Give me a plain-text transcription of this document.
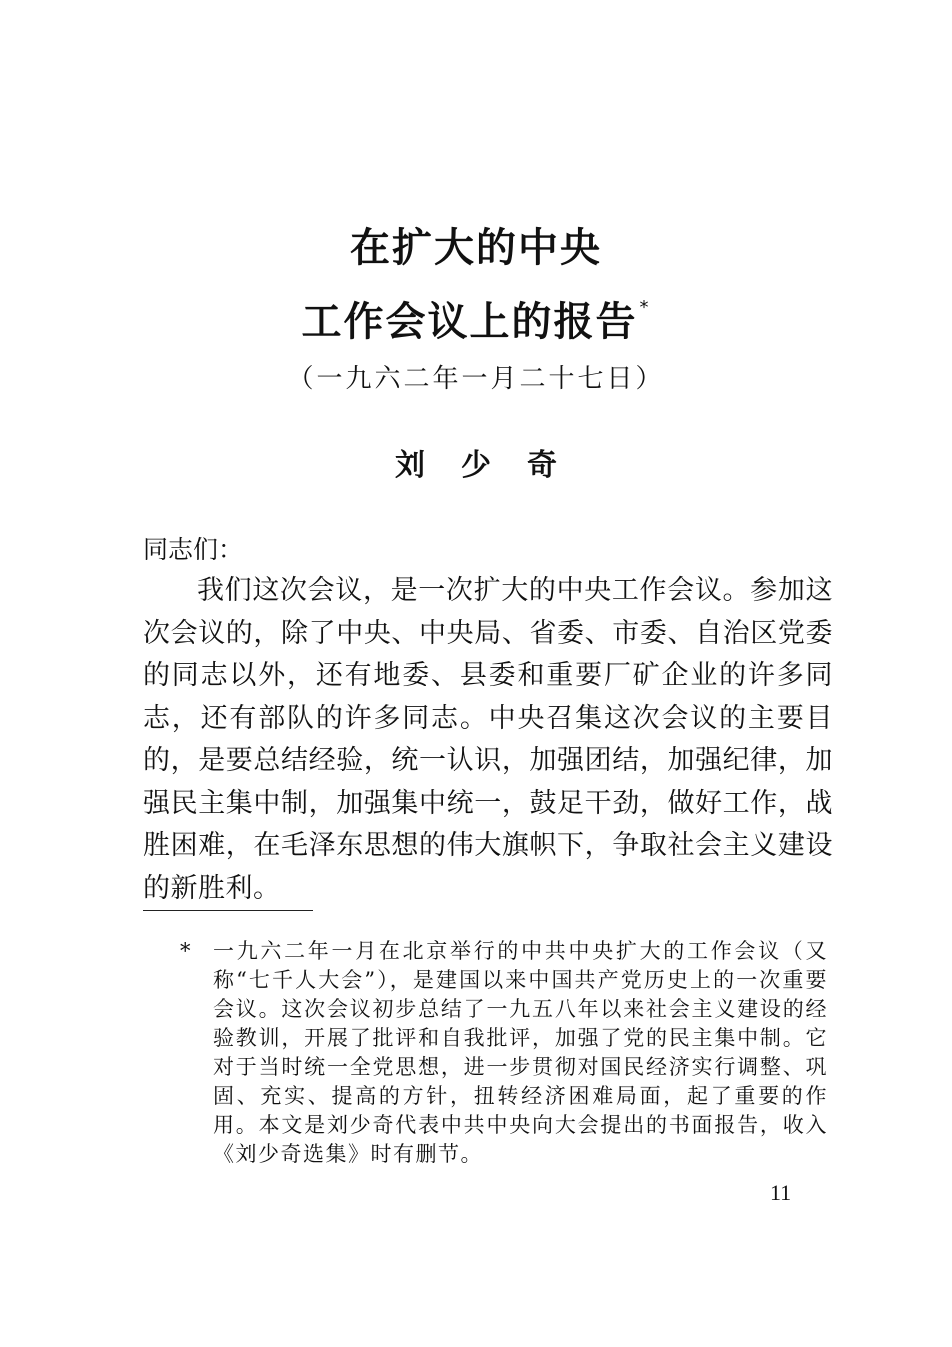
在扩大的中央
工作会议上的报告 *
（一九六二年一月二十七日）
刘少奇
同志们：
我们这次会议，是一次扩大的中央工作会议。参加这次会议的，除了中央、中央局、省委、市委、自治区党委的同志以外，还有地委、县委和重要厂矿企业的许多同志，还有部队的许多同志。中央召集这次会议的主要目的，是要总结经验，统一认识，加强团结，加强纪律，加强民主集中制，加强集中统一，鼓足干劲，做好工作，战胜困难，在毛泽东思想的伟大旗帜下，争取社会主义建设的新胜利。
*	一九六二年一月在北京举行的中共中央扩大的工作会议（又称“七千人大会”），是建国以来中国共产党历史上的一次重要会议。这次会议初步总结了一九五八年以来社会主义建设的经验教训，开展了批评和自我批评，加强了党的民主集中制。它对于当时统一全党思想，进一步贯彻对国民经济实行调整、巩固、充实、提高的方针，扭转经济困难局面，起了重要的作用。本文是刘少奇代表中共中央向大会提出的书面报告，收入《刘少奇选集》时有删节。
11
